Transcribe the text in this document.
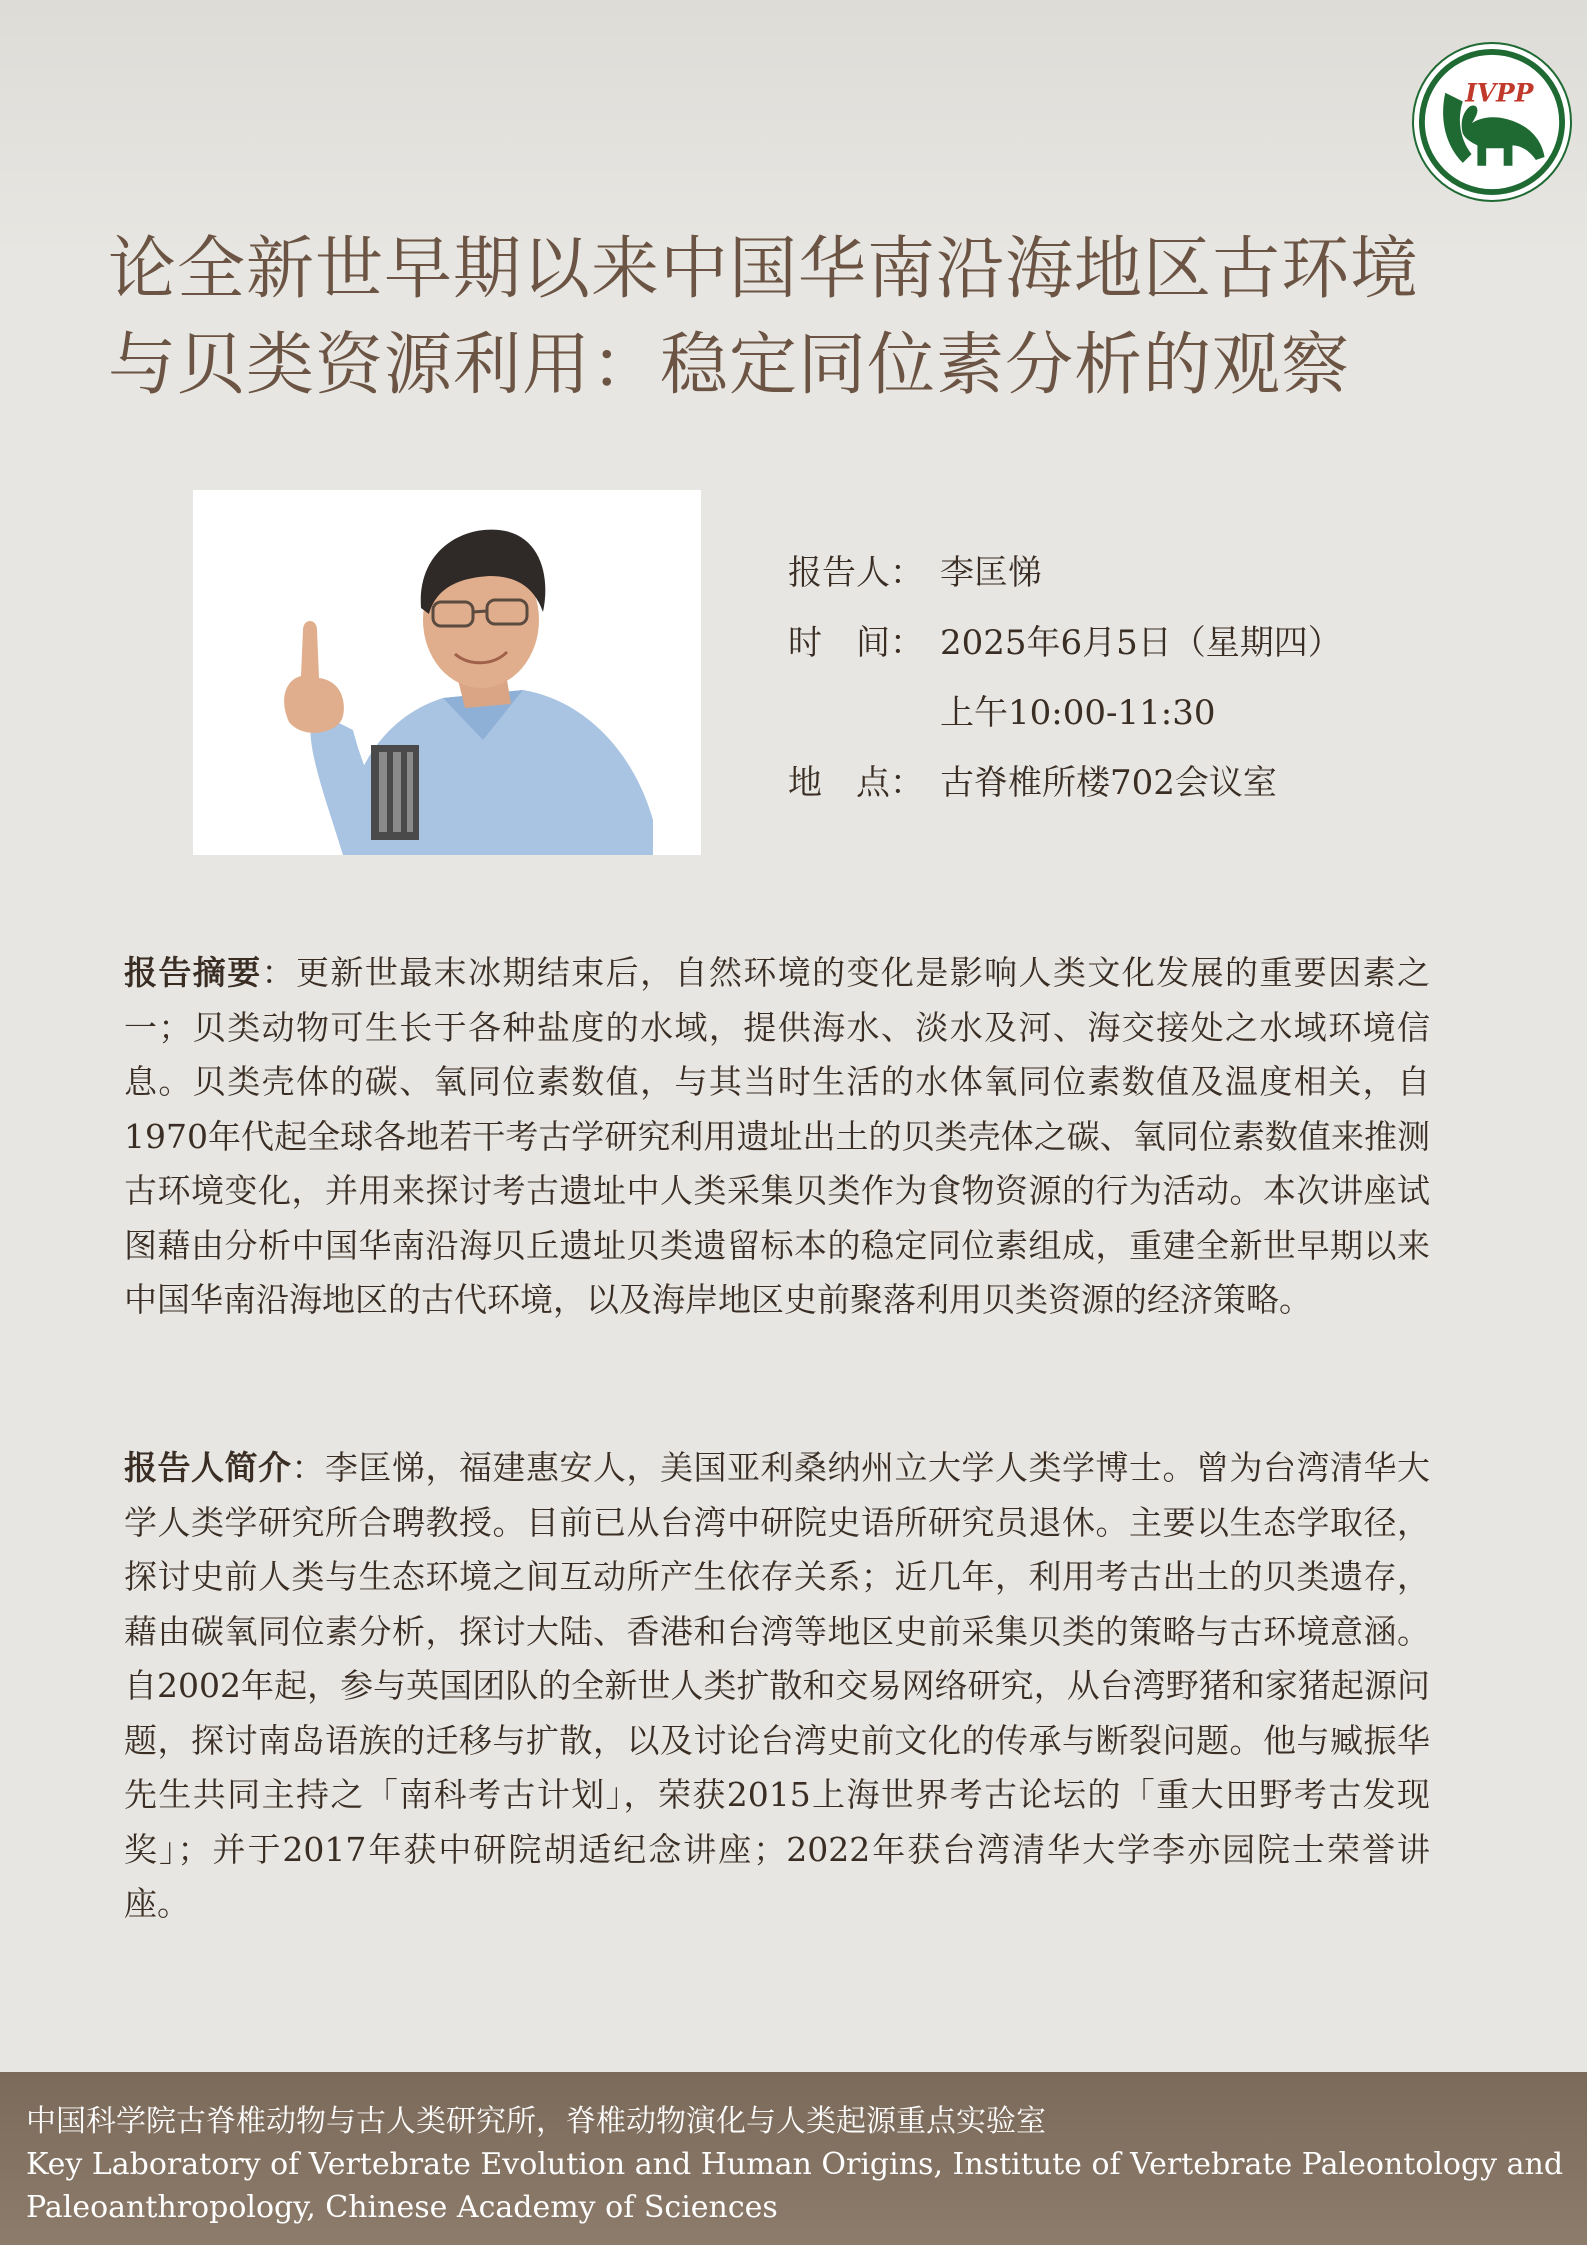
IVPP
论全新世早期以来中国华南沿海地区古环境
与贝类资源利用：稳定同位素分析的观察
报告人： 李匡悌
时　间： 2025年6月5日（星期四）
上午10:00-11:30
地　点： 古脊椎所楼702会议室

报告摘要：更新世最末冰期结束后，自然环境的变化是影响人类文化发展的重要因素之一；贝类动物可生长于各种盐度的水域，提供海水、淡水及河、海交接处之水域环境信息。贝类壳体的碳、氧同位素数值，与其当时生活的水体氧同位素数值及温度相关，自1970年代起全球各地若干考古学研究利用遗址出土的贝类壳体之碳、氧同位素数值来推测古环境变化，并用来探讨考古遗址中人类采集贝类作为食物资源的行为活动。本次讲座试图藉由分析中国华南沿海贝丘遗址贝类遗留标本的稳定同位素组成，重建全新世早期以来中国华南沿海地区的古代环境，以及海岸地区史前聚落利用贝类资源的经济策略。

报告人简介：李匡悌，福建惠安人，美国亚利桑纳州立大学人类学博士。曾为台湾清华大学人类学研究所合聘教授。目前已从台湾中研院史语所研究员退休。主要以生态学取径，探讨史前人类与生态环境之间互动所产生依存关系；近几年，利用考古出土的贝类遗存，藉由碳氧同位素分析，探讨大陆、香港和台湾等地区史前采集贝类的策略与古环境意涵。自2002年起，参与英国团队的全新世人类扩散和交易网络研究，从台湾野猪和家猪起源问题，探讨南岛语族的迁移与扩散，以及讨论台湾史前文化的传承与断裂问题。他与臧振华先生共同主持之「南科考古计划」，荣获2015上海世界考古论坛的「重大田野考古发现奖」；并于2017年获中研院胡适纪念讲座；2022年获台湾清华大学李亦园院士荣誉讲座。

中国科学院古脊椎动物与古人类研究所，脊椎动物演化与人类起源重点实验室
Key Laboratory of Vertebrate Evolution and Human Origins, Institute of Vertebrate Paleontology and
Paleoanthropology, Chinese Academy of Sciences
